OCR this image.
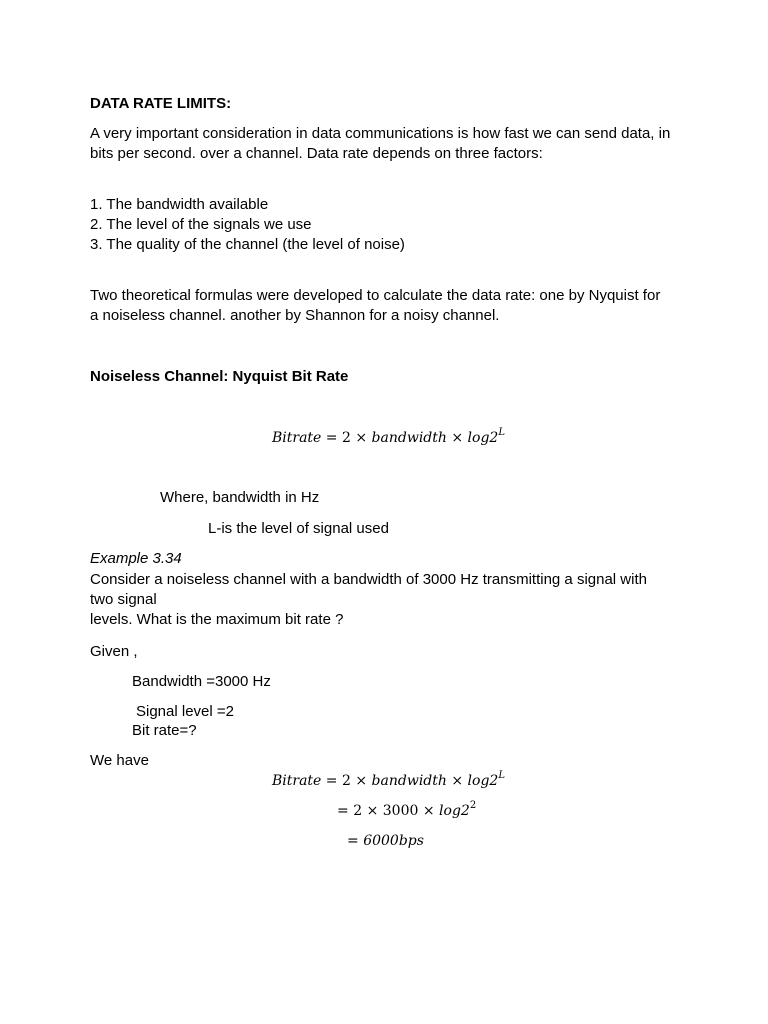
DATA RATE LIMITS:
A very important consideration in data communications is how fast we can send data, in
bits per second. over a channel. Data rate depends on three factors:
1. The bandwidth available
2. The level of the signals we use
3. The quality of the channel (the level of noise)
Two theoretical formulas were developed to calculate the data rate: one by Nyquist for
a noiseless channel. another by Shannon for a noisy channel.
Noiseless Channel: Nyquist Bit Rate
Bitrate = 2 × bandwidth × $\log 2^L$
Where, bandwidth in Hz
L-is the level of signal used
Example 3.34
Consider a noiseless channel with a bandwidth of 3000 Hz transmitting a signal with
two signal
levels. What is the maximum bit rate ?
Given ,
Bandwidth =3000 Hz
Signal level =2
Bit rate=?
We have
Bitrate = 2 × bandwidth × $\log 2^L$
= $2 \times 3000 \times \log 2^2$
= 6000bps
